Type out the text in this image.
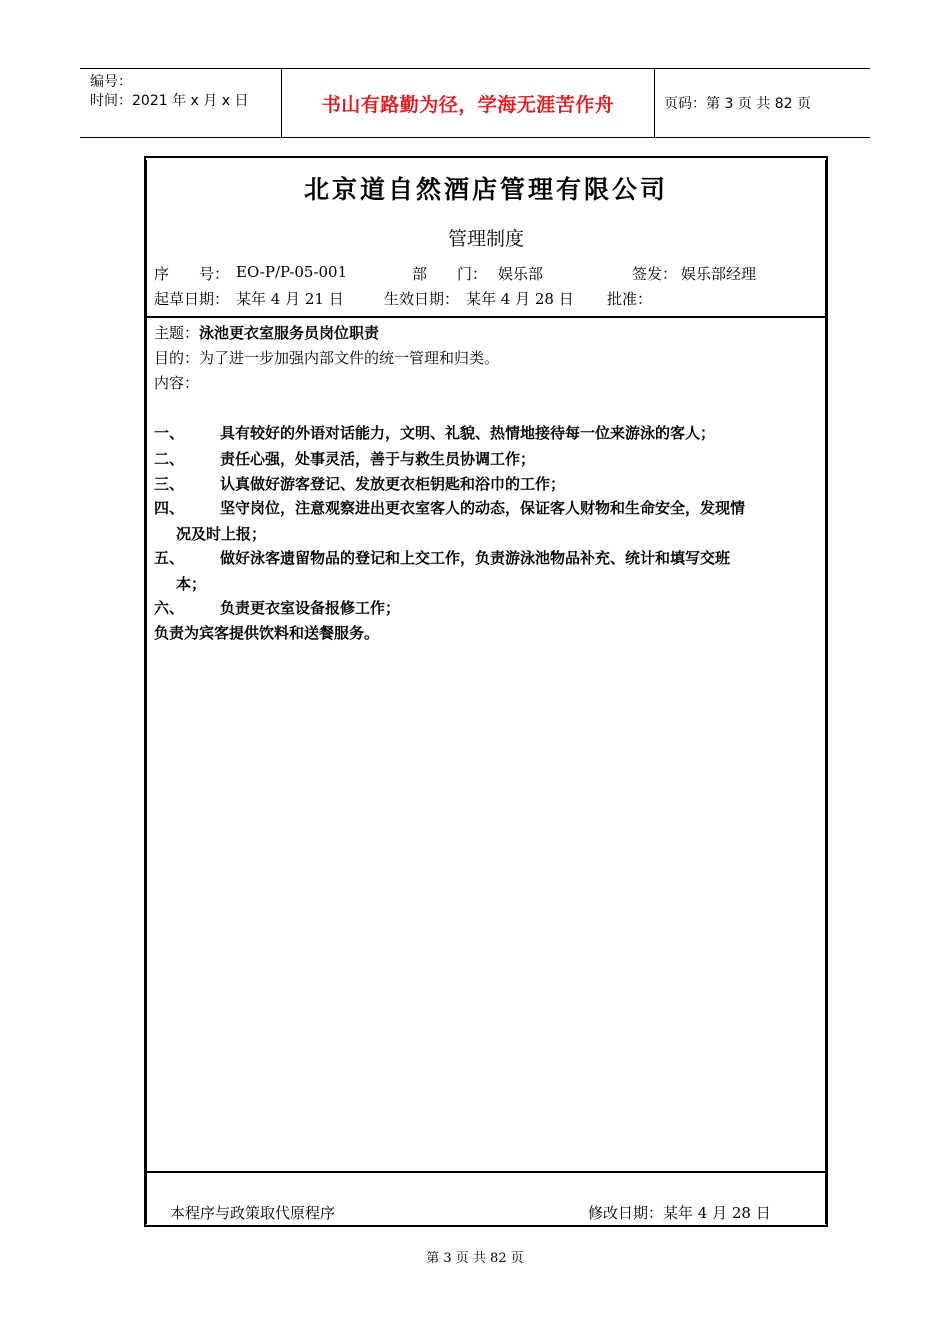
编号：
时间：2021 年 x 月 x 日	书山有路勤为径，学海无涯苦作舟	页码：第 3 页 共 82 页
北京道自然酒店管理有限公司
管理制度
序　　号： EO-P/P-05-001	部　　门： 娱乐部	签发： 娱乐部经理
起草日期： 某年 4 月 21 日	生效日期： 某年 4 月 28 日 批准：
主题：泳池更衣室服务员岗位职责
目的：为了进一步加强内部文件的统一管理和归类。
内容：
一、 具有较好的外语对话能力，文明、礼貌、热情地接待每一位来游泳的客人；
二、 责任心强，处事灵活，善于与救生员协调工作；
三、 认真做好游客登记、发放更衣柜钥匙和浴巾的工作；
四、 坚守岗位，注意观察进出更衣室客人的动态，保证客人财物和生命安全，发现情
况及时上报；
五、 做好泳客遗留物品的登记和上交工作，负责游泳池物品补充、统计和填写交班
本；
六、 负责更衣室设备报修工作；
负责为宾客提供饮料和送餐服务。
本程序与政策取代原程序	修改日期：某年 4 月 28 日
第 3 页 共 82 页
